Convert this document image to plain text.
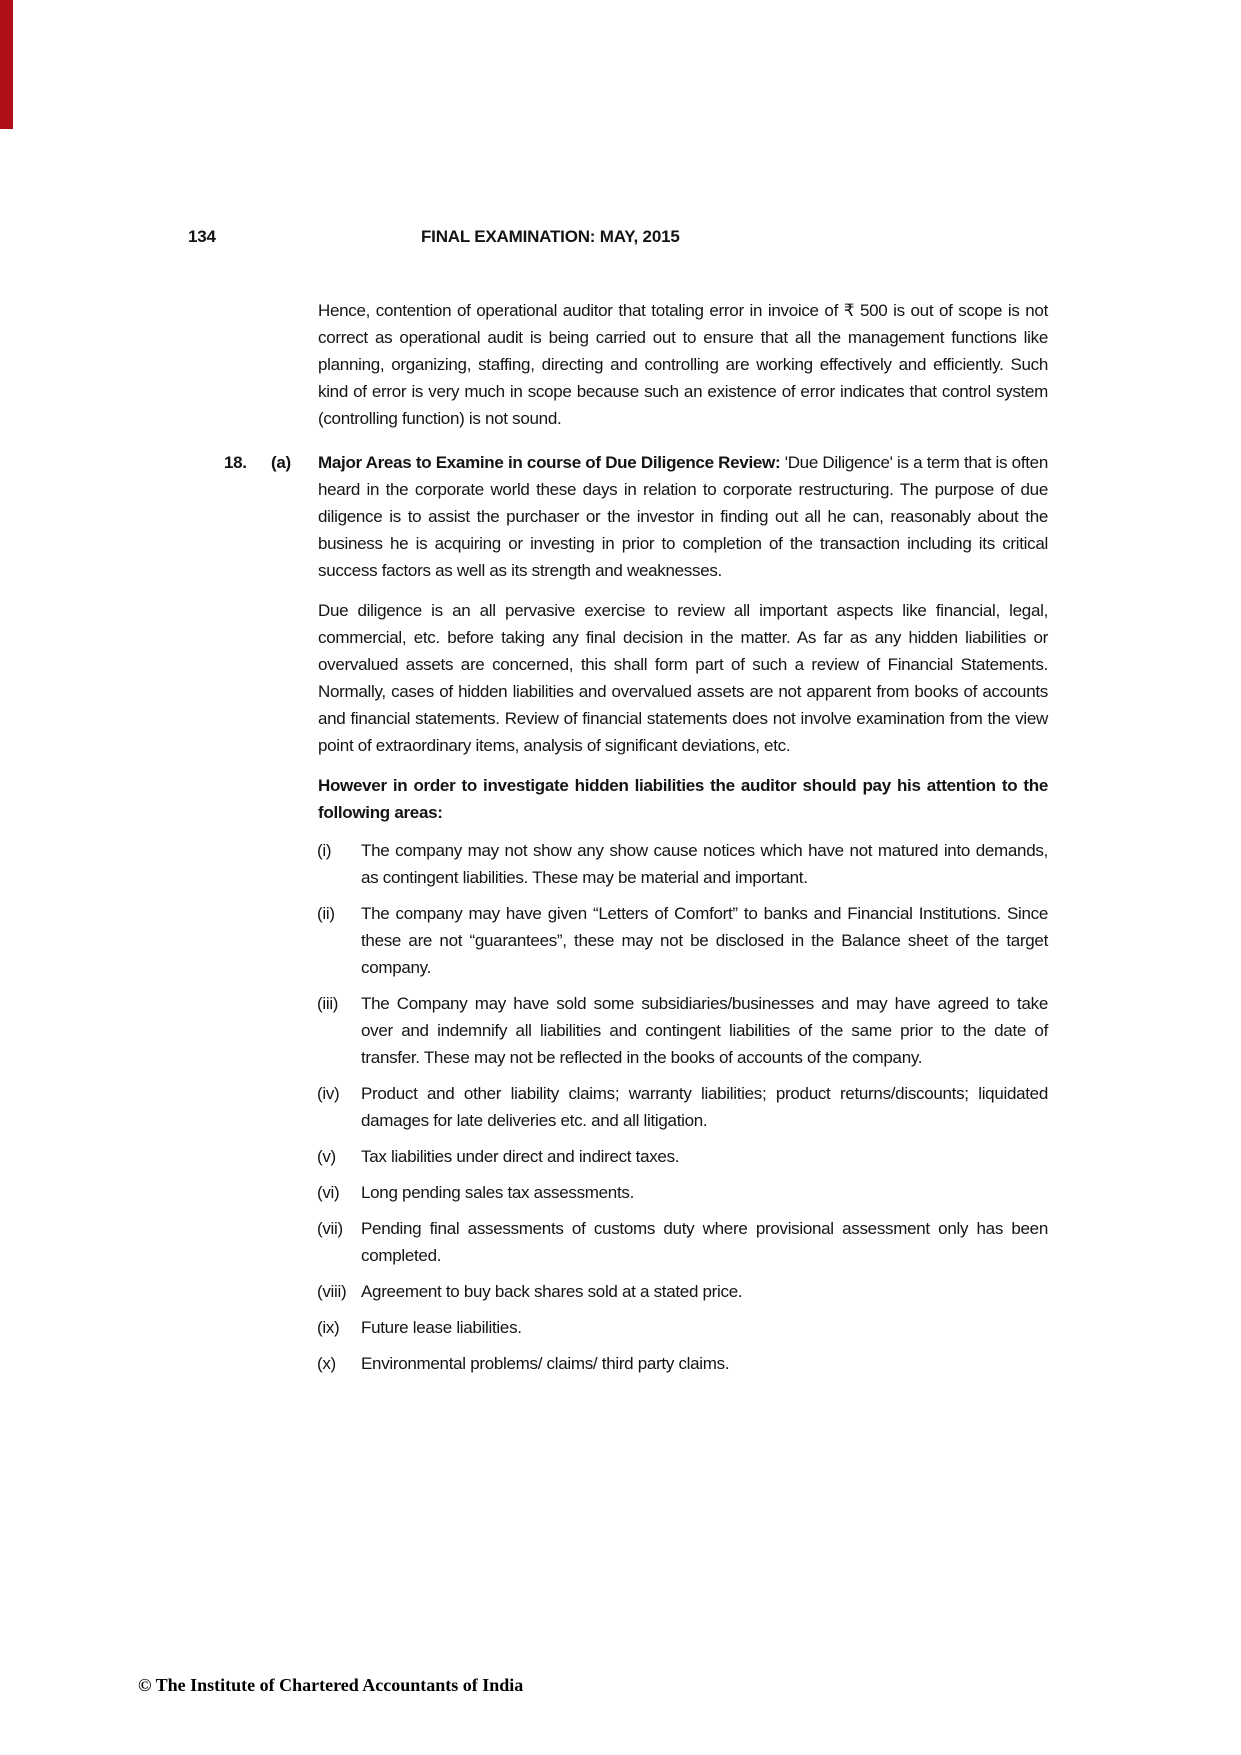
134	FINAL EXAMINATION: MAY, 2015

Hence, contention of operational auditor that totaling error in invoice of ₹ 500 is out of scope is not correct as operational audit is being carried out to ensure that all the management functions like planning, organizing, staffing, directing and controlling are working effectively and efficiently. Such kind of error is very much in scope because such an existence of error indicates that control system (controlling function) is not sound.

18.	(a)	Major Areas to Examine in course of Due Diligence Review: 'Due Diligence' is a term that is often heard in the corporate world these days in relation to corporate restructuring. The purpose of due diligence is to assist the purchaser or the investor in finding out all he can, reasonably about the business he is acquiring or investing in prior to completion of the transaction including its critical success factors as well as its strength and weaknesses.

Due diligence is an all pervasive exercise to review all important aspects like financial, legal, commercial, etc. before taking any final decision in the matter. As far as any hidden liabilities or overvalued assets are concerned, this shall form part of such a review of Financial Statements. Normally, cases of hidden liabilities and overvalued assets are not apparent from books of accounts and financial statements. Review of financial statements does not involve examination from the view point of extraordinary items, analysis of significant deviations, etc.

However in order to investigate hidden liabilities the auditor should pay his attention to the following areas:

(i)	The company may not show any show cause notices which have not matured into demands, as contingent liabilities. These may be material and important.
(ii)	The company may have given “Letters of Comfort” to banks and Financial Institutions. Since these are not “guarantees”, these may not be disclosed in the Balance sheet of the target company.
(iii)	The Company may have sold some subsidiaries/businesses and may have agreed to take over and indemnify all liabilities and contingent liabilities of the same prior to the date of transfer. These may not be reflected in the books of accounts of the company.
(iv)	Product and other liability claims; warranty liabilities; product returns/discounts; liquidated damages for late deliveries etc. and all litigation.
(v)	Tax liabilities under direct and indirect taxes.
(vi)	Long pending sales tax assessments.
(vii)	Pending final assessments of customs duty where provisional assessment only has been completed.
(viii) Agreement to buy back shares sold at a stated price.
(ix)	Future lease liabilities.
(x)	Environmental problems/ claims/ third party claims.
© The Institute of Chartered Accountants of India
